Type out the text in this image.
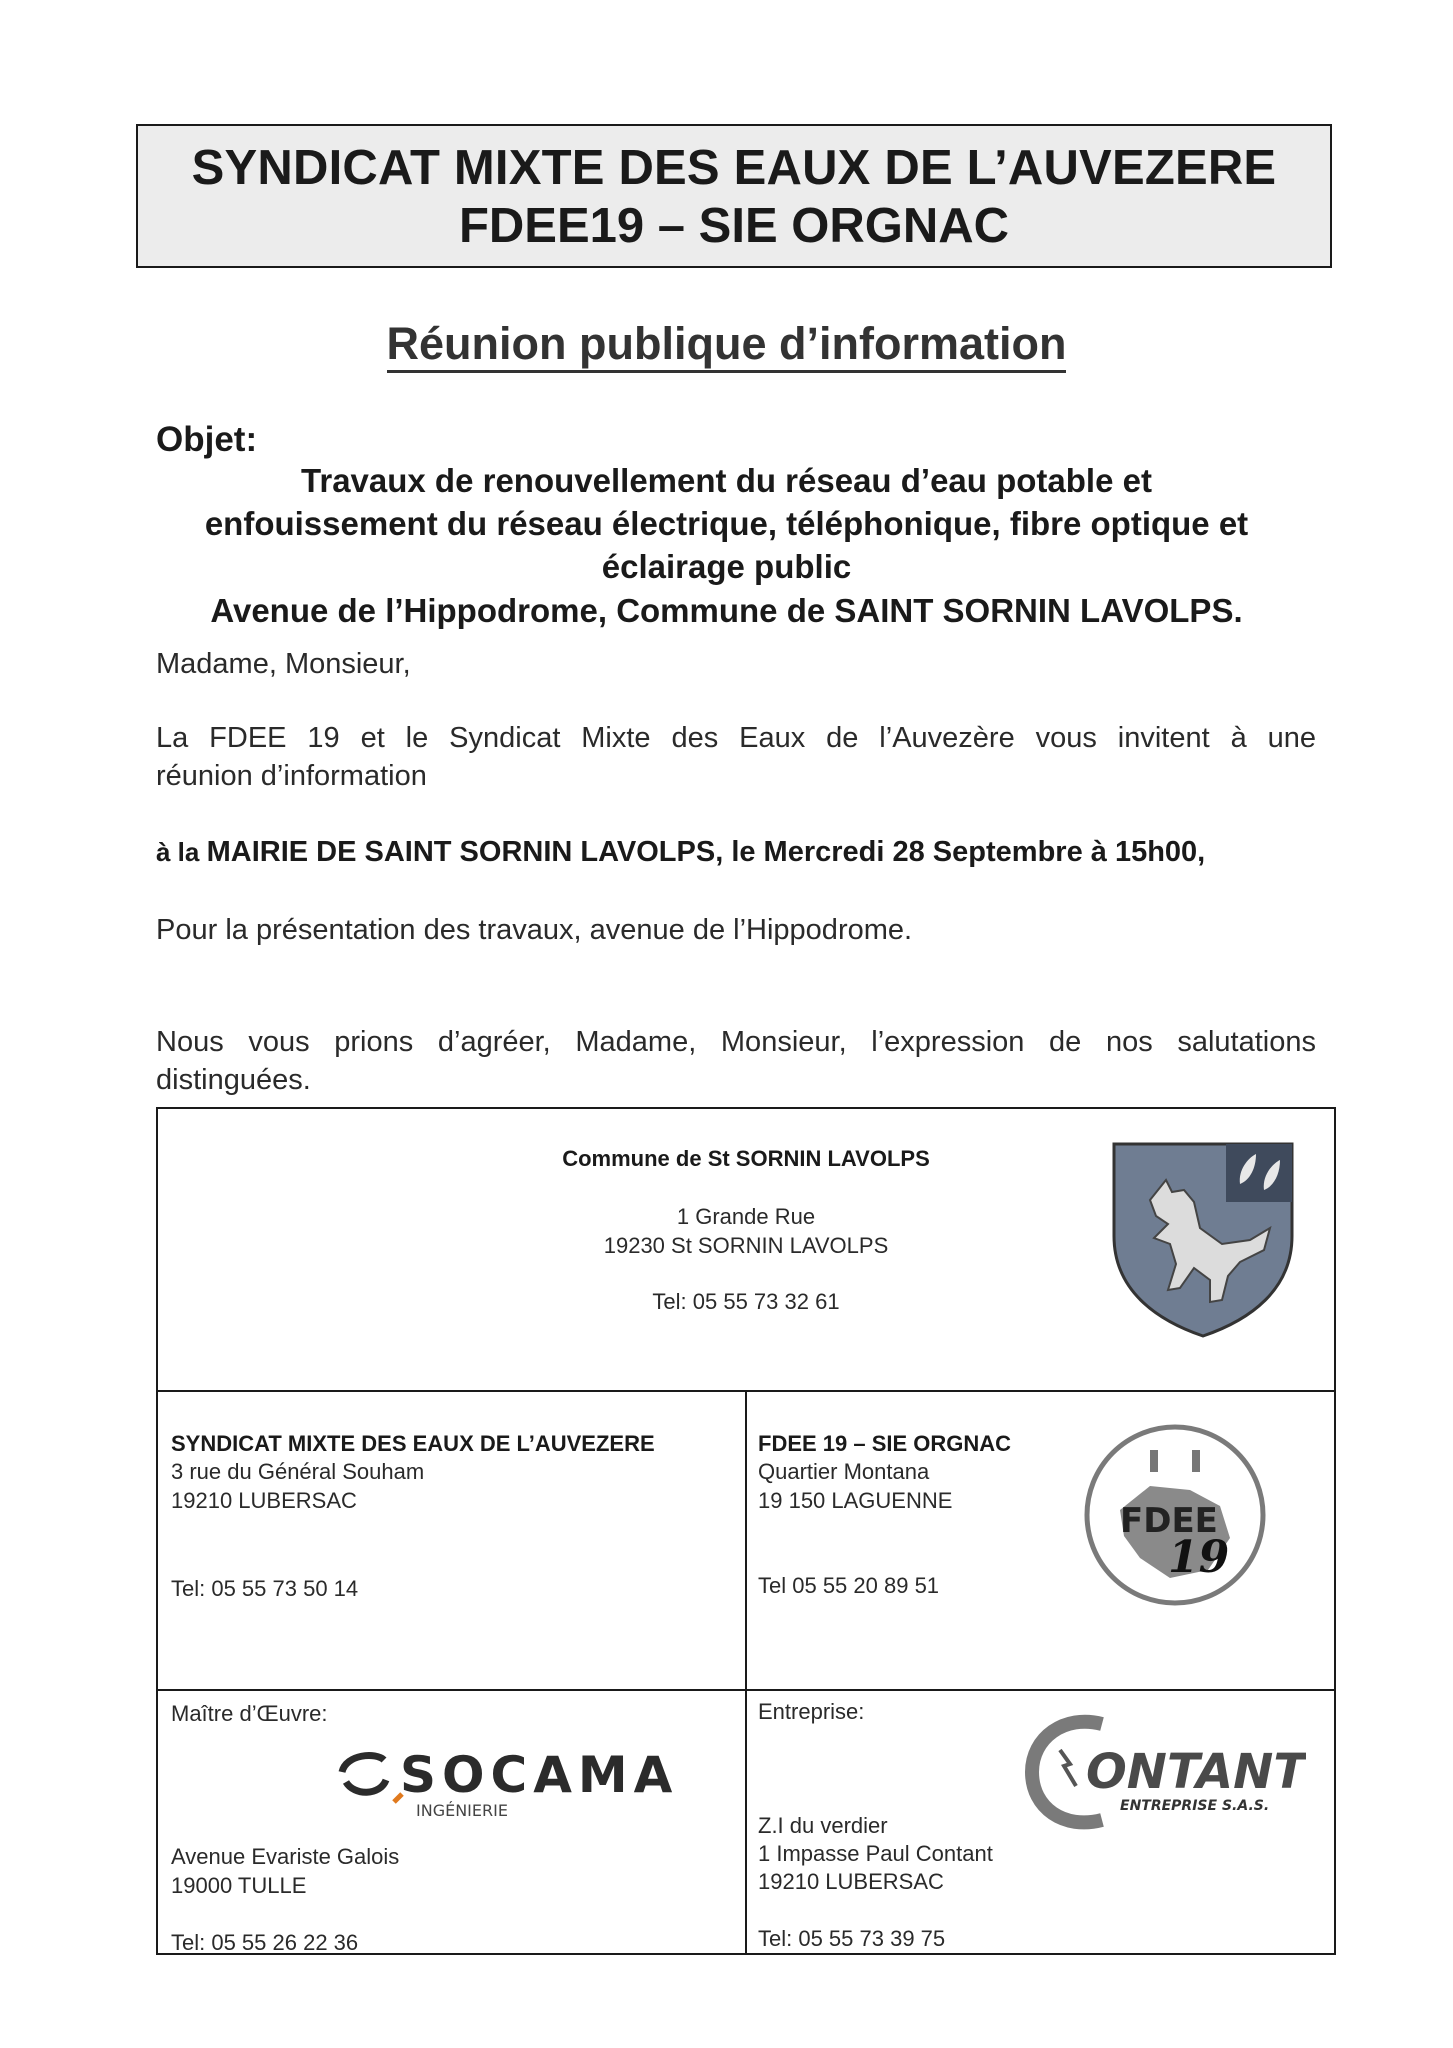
SYNDICAT MIXTE DES EAUX DE L’AUVEZERE
FDEE19 – SIE ORGNAC
Réunion publique d’information
Objet:
Travaux de renouvellement du réseau d’eau potable et
enfouissement du réseau électrique, téléphonique, fibre optique et
éclairage public
Avenue de l’Hippodrome, Commune de SAINT SORNIN LAVOLPS.
Madame, Monsieur,
La FDEE 19 et le Syndicat Mixte des Eaux de l’Auvezère vous invitent à une
réunion d’information
à la MAIRIE DE SAINT SORNIN LAVOLPS, le Mercredi 28 Septembre à 15h00,
Pour la présentation des travaux, avenue de l’Hippodrome.
Nous vous prions d’agréer, Madame, Monsieur, l’expression de nos salutations
distinguées.
Commune de St SORNIN LAVOLPS
1 Grande Rue
19230 St SORNIN LAVOLPS
Tel: 05 55 73 32 61
SYNDICAT MIXTE DES EAUX DE L’AUVEZERE
3 rue du Général Souham
19210 LUBERSAC
Tel: 05 55 73 50 14
FDEE 19 – SIE ORGNAC
Quartier Montana
19 150 LAGUENNE
Tel 05 55 20 89 51
FDEE
19
Maître d’Œuvre:
SOCAMA
INGÉNIERIE
Avenue Evariste Galois
19000 TULLE
Tel: 05 55 26 22 36
Entreprise:
ONTANT
ENTREPRISE S.A.S.
Z.I du verdier
1 Impasse Paul Contant
19210 LUBERSAC
Tel: 05 55 73 39 75
